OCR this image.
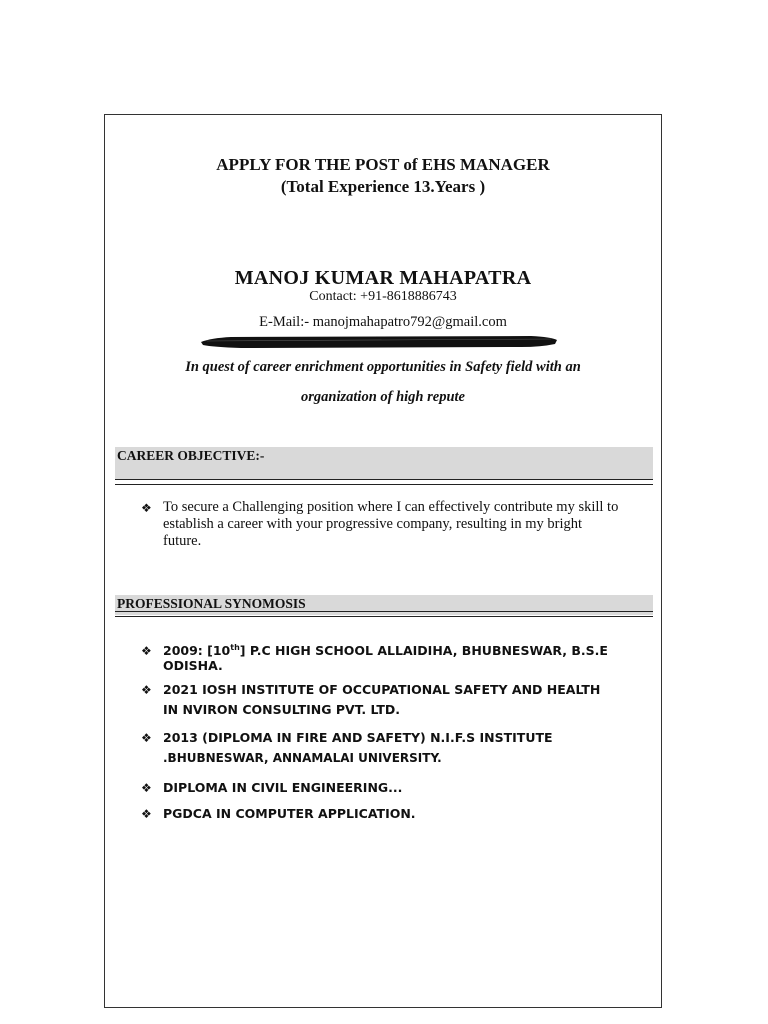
APPLY FOR THE POST of EHS MANAGER
(Total Experience 13.Years )
MANOJ KUMAR MAHAPATRA
Contact: +91-8618886743
E-Mail:- manojmahapatro792@gmail.com
In quest of career enrichment opportunities in Safety field with an
organization of high repute
CAREER OBJECTIVE:-
❖ To secure a Challenging position where I can effectively contribute my skill to establish a career with your progressive company, resulting in my bright future.
PROFESSIONAL SYNOMOSIS
❖ 2009: [10th] P.C HIGH SCHOOL ALLAIDIHA, BHUBNESWAR, B.S.E ODISHA.
❖ 2021 IOSH INSTITUTE OF OCCUPATIONAL SAFETY AND HEALTH
IN NVIRON CONSULTING PVT. LTD.
❖ 2013 (DIPLOMA IN FIRE AND SAFETY) N.I.F.S INSTITUTE
.BHUBNESWAR, ANNAMALAI UNIVERSITY.
❖ DIPLOMA IN CIVIL ENGINEERING...
❖ PGDCA IN COMPUTER APPLICATION.
